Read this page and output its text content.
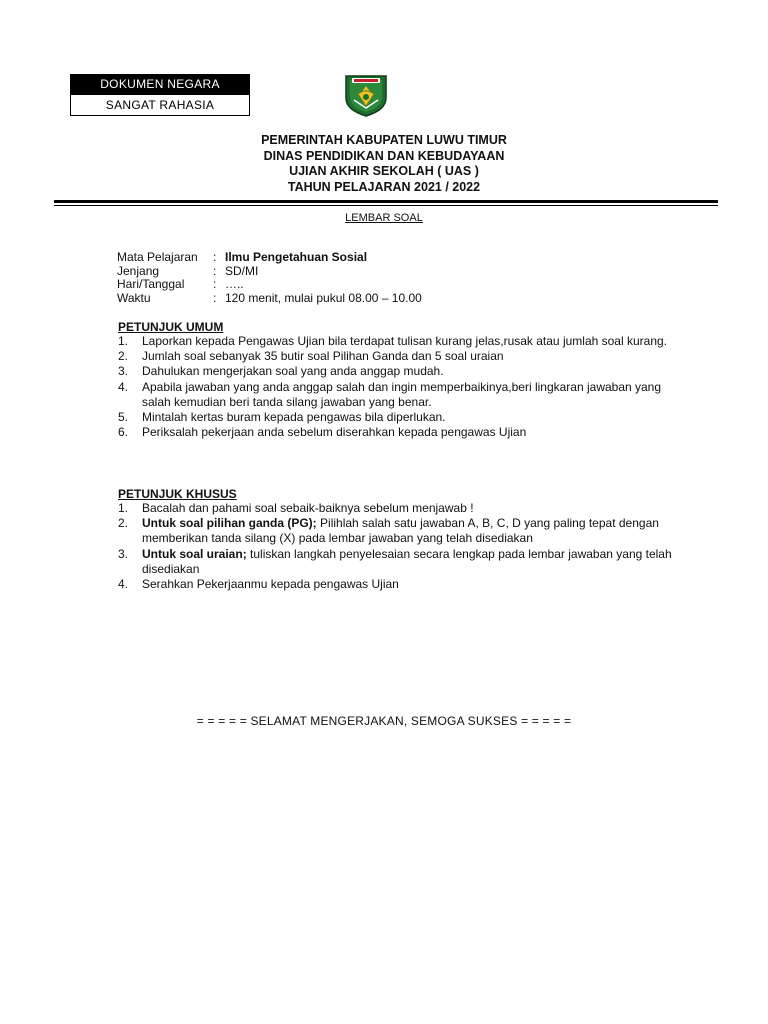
DOKUMEN NEGARA
SANGAT RAHASIA
PEMERINTAH KABUPATEN LUWU TIMUR
DINAS PENDIDIKAN DAN KEBUDAYAAN
UJIAN AKHIR SEKOLAH ( UAS )
TAHUN PELAJARAN 2021 / 2022
LEMBAR SOAL
Mata Pelajaran	: Ilmu Pengetahuan Sosial
Jenjang	: SD/MI
Hari/Tanggal	: …..
Waktu	: 120 menit, mulai pukul 08.00 – 10.00
PETUNJUK UMUM
1.	Laporkan kepada Pengawas Ujian bila terdapat tulisan kurang jelas,rusak atau jumlah soal kurang.
2.	Jumlah soal sebanyak 35 butir soal Pilihan Ganda dan 5 soal uraian
3.	Dahulukan mengerjakan soal yang anda anggap mudah.
4.	Apabila jawaban yang anda anggap salah dan ingin memperbaikinya,beri lingkaran jawaban yang salah kemudian beri tanda silang jawaban yang benar.
5.	Mintalah kertas buram kepada pengawas bila diperlukan.
6.	Periksalah pekerjaan anda sebelum diserahkan kepada pengawas Ujian
PETUNJUK KHUSUS
1.	Bacalah dan pahami soal sebaik-baiknya sebelum menjawab !
2.	Untuk soal pilihan ganda (PG); Pilihlah salah satu jawaban A, B, C, D yang paling tepat dengan memberikan tanda silang (X) pada lembar jawaban yang telah disediakan
3.	Untuk soal uraian; tuliskan langkah penyelesaian secara lengkap pada lembar jawaban yang telah disediakan
4.	Serahkan Pekerjaanmu kepada pengawas Ujian
= = = = = SELAMAT MENGERJAKAN, SEMOGA SUKSES = = = = =
